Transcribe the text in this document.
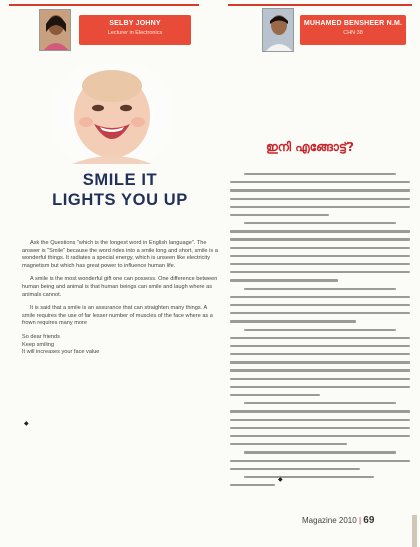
SELBY JOHNY
Lecturer in Electronics
MUHAMED BENSHEER N.M.
CHN 38
SMILE IT
LIGHTS YOU UP

Ask the Questions "which is the longest word in English language". The answer is "Smile" because the word rides into a smile long and short, smile is a wonderful things. It radiates a special energy, which is unseen like electricity magnetism but which has great power to influence human life.

A smile is the most wonderful gift one can possess. One difference between human being and animal is that human beings can smile and laugh where as animals cannot.

It is said that a smile is an assurance that can straighten many things. A smile requires the use of far lesser number of muscles of the face where as a frown requires many more

So dear friends
Keep smiling
It will increases your face value
◆
ഇനി എങ്ങോട്ട്?
◆
Magazine 2010 | 69
